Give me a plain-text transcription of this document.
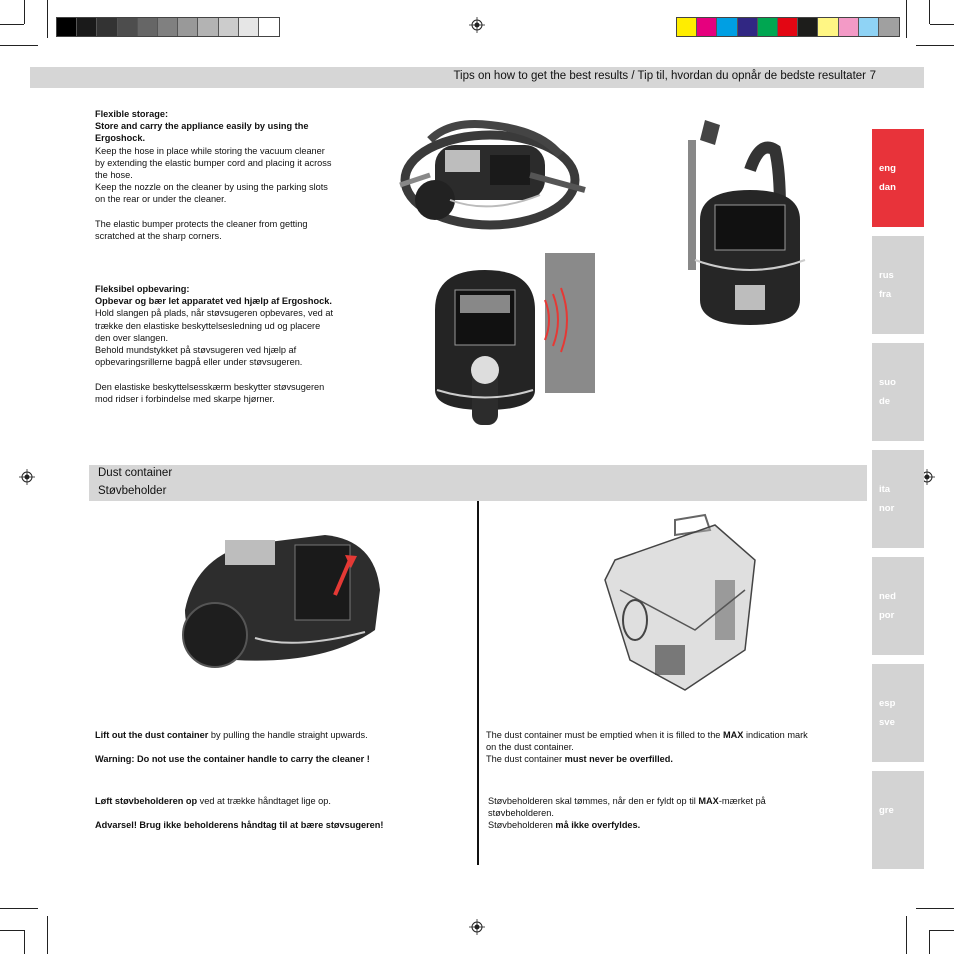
Tips on how to get the best results / Tip til, hvordan du opnår de bedste resultater 7
eng
dan
rus
fra
suo
de
ita
nor
ned
por
esp
sve
gre
Flexible storage:
Store and carry the appliance easily by using the Ergoshock.
Keep the hose in place while storing the vacuum cleaner by extending the elastic bumper cord and placing it across the hose.
Keep the nozzle on the cleaner by using the parking slots on the rear or under the cleaner.

The elastic bumper protects the cleaner from getting scratched at the sharp corners.
Fleksibel opbevaring:
Opbevar og bær let apparatet ved hjælp af Ergoshock.
Hold slangen på plads, når støvsugeren opbevares, ved at trække den elastiske beskyttelsesledning ud og placere den over slangen.
Behold mundstykket på støvsugeren ved hjælp af opbevaringsrillerne bagpå eller under støvsugeren.

Den elastiske beskyttelsesskærm beskytter støvsugeren mod ridser i forbindelse med skarpe hjørner.
Dust container
Støvbeholder
Lift out the dust container by pulling the handle straight upwards.

Warning: Do not use the container handle to carry the cleaner !
Løft støvbeholderen op ved at trække håndtaget lige op.

Advarsel! Brug ikke beholderens håndtag til at bære støvsugeren!
The dust container must be emptied when it is filled to the MAX indication mark on the dust container.
The dust container must never be overfilled.
Støvbeholderen skal tømmes, når den er fyldt op til MAX-mærket på støvbeholderen.
Støvbeholderen må ikke overfyldes.
